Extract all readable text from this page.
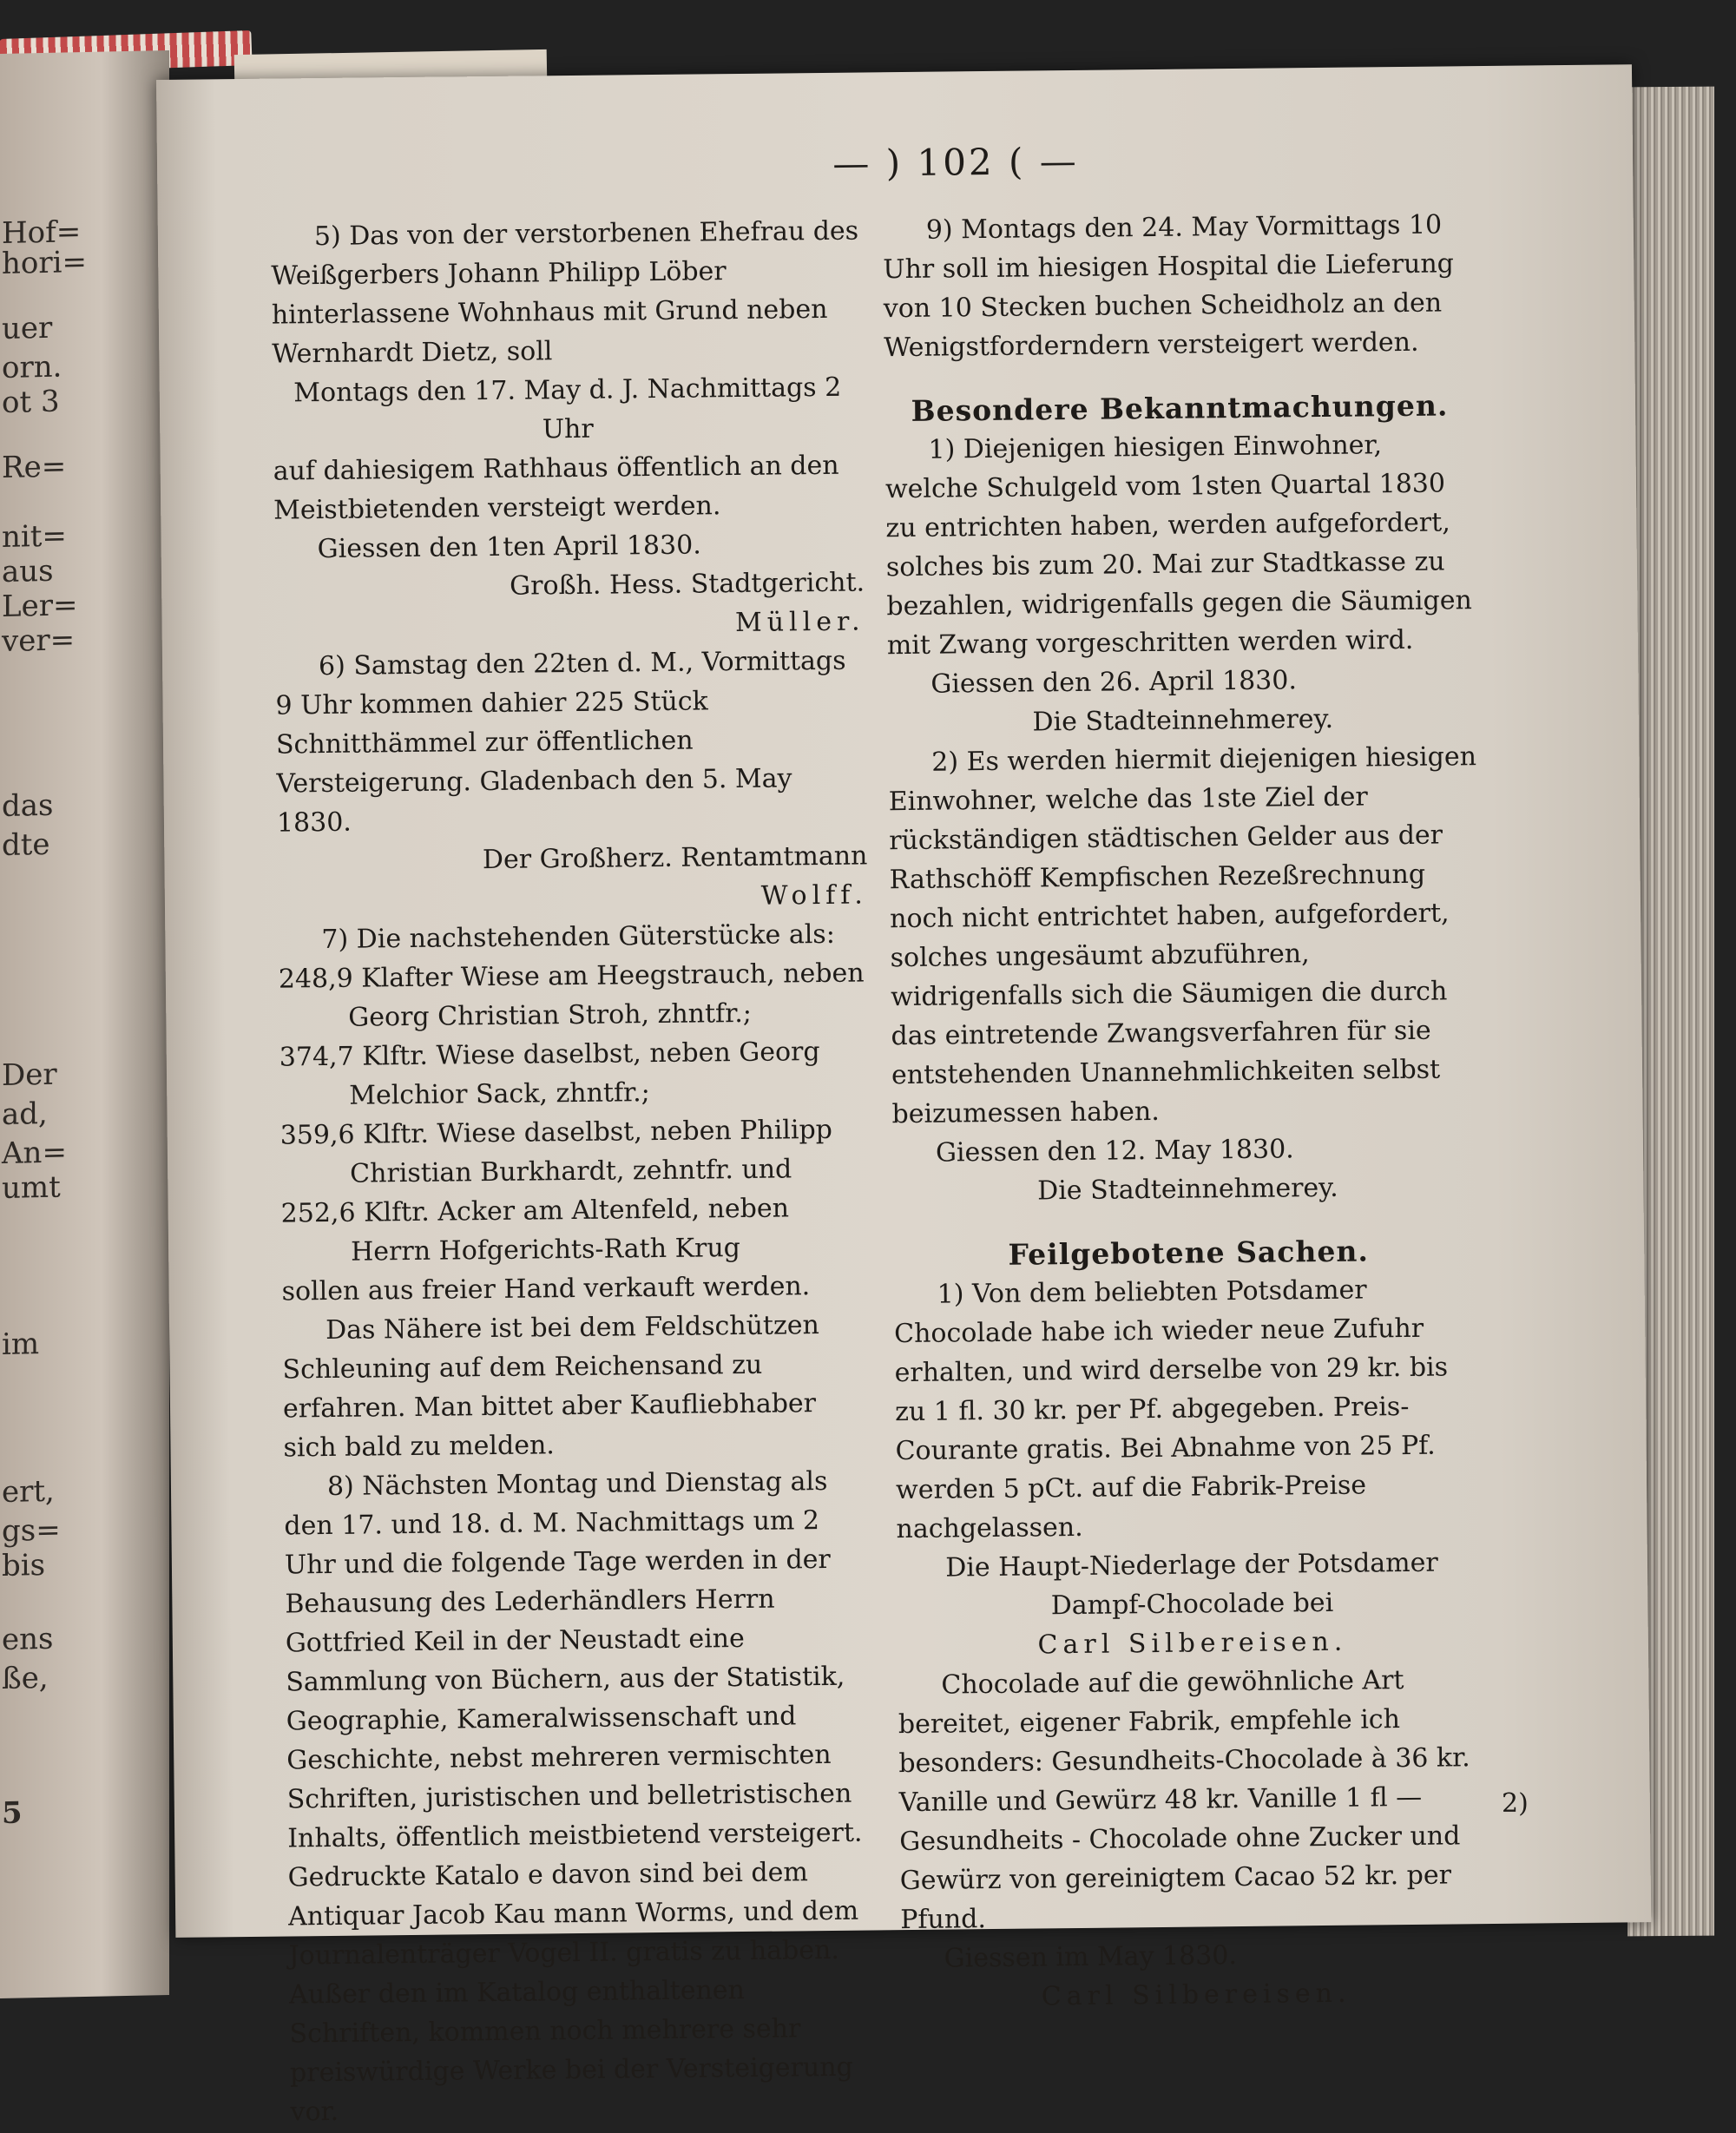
Hof=
hori=
uer
orn.
ot 3
Re=
nit=
aus
Ler=
ver=
das
dte
Der
ad,
An=
umt
im
ert,
gs=
bis
ens
ße,
5
— ) 102 ( —

5) Das von der verstorbenen Ehefrau des Weißgerbers Johann Philipp Löber hinterlassene Wohnhaus mit Grund neben Wernhardt Dietz, soll

Montags den 17. May d. J. Nachmittags 2 Uhr

auf dahiesigem Rathhaus öffentlich an den Meistbietenden versteigt werden.

Giessen den 1ten April 1830.

Großh. Hess. Stadtgericht.

Müller.

6) Samstag den 22ten d. M., Vormittags 9 Uhr kommen dahier 225 Stück Schnitthämmel zur öffentlichen Versteigerung. Gladenbach den 5. May 1830.

Der Großherz. Rentamtmann

Wolff.

7) Die nachstehenden Güterstücke als:

248,9 Klafter Wiese am Heegstrauch, neben Georg Christian Stroh, zhntfr.;

374,7 Klftr. Wiese daselbst, neben Georg Melchior Sack, zhntfr.;

359,6 Klftr. Wiese daselbst, neben Philipp Christian Burkhardt, zehntfr. und

252,6 Klftr. Acker am Altenfeld, neben Herrn Hofgerichts-Rath Krug

sollen aus freier Hand verkauft werden.

Das Nähere ist bei dem Feldschützen Schleuning auf dem Reichensand zu erfahren. Man bittet aber Kaufliebhaber sich bald zu melden.

8) Nächsten Montag und Dienstag als den 17. und 18. d. M. Nachmittags um 2 Uhr und die folgende Tage werden in der Behausung des Lederhändlers Herrn Gottfried Keil in der Neustadt eine Sammlung von Büchern, aus der Statistik, Geographie, Kameralwissenschaft und Geschichte, nebst mehreren vermischten Schriften, juristischen und belletristischen Inhalts, öffentlich meistbietend versteigert. Gedruckte Katalo e davon sind bei dem Antiquar Jacob Kau mann Worms, und dem Journalenträger Vogel II. gratis zu haben. Außer den im Katalog enthaltenen Schriften, kommen noch mehrere sehr preiswürdige Werke bei der Versteigerung vor.

9) Montags den 24. May Vormittags 10 Uhr soll im hiesigen Hospital die Lieferung von 10 Stecken buchen Scheidholz an den Wenigstforderndern versteigert werden.

Besondere Bekanntmachungen.

1) Diejenigen hiesigen Einwohner, welche Schulgeld vom 1sten Quartal 1830 zu entrichten haben, werden aufgefordert, solches bis zum 20. Mai zur Stadtkasse zu bezahlen, widrigenfalls gegen die Säumigen mit Zwang vorgeschritten werden wird.

Giessen den 26. April 1830.

Die Stadteinnehmerey.

2) Es werden hiermit diejenigen hiesigen Einwohner, welche das 1ste Ziel der rückständigen städtischen Gelder aus der Rathschöff Kempfischen Rezeßrechnung noch nicht entrichtet haben, aufgefordert, solches ungesäumt abzuführen, widrigenfalls sich die Säumigen die durch das eintretende Zwangsverfahren für sie entstehenden Unannehmlichkeiten selbst beizumessen haben.

Giessen den 12. May 1830.

Die Stadteinnehmerey.

Feilgebotene Sachen.

1) Von dem beliebten Potsdamer Chocolade habe ich wieder neue Zufuhr erhalten, und wird derselbe von 29 kr. bis zu 1 fl. 30 kr. per Pf. abgegeben. Preis-Courante gratis. Bei Abnahme von 25 Pf. werden 5 pCt. auf die Fabrik-Preise nachgelassen.

Die Haupt-Niederlage der Potsdamer

Dampf-Chocolade bei

Carl Silbereisen.

Chocolade auf die gewöhnliche Art bereitet, eigener Fabrik, empfehle ich besonders: Gesundheits-Chocolade à 36 kr. Vanille und Gewürz 48 kr. Vanille 1 fl — Gesundheits - Chocolade ohne Zucker und Gewürz von gereinigtem Cacao 52 kr. per Pfund.

Giessen im May 1830.

Carl Silbereisen.

2)
